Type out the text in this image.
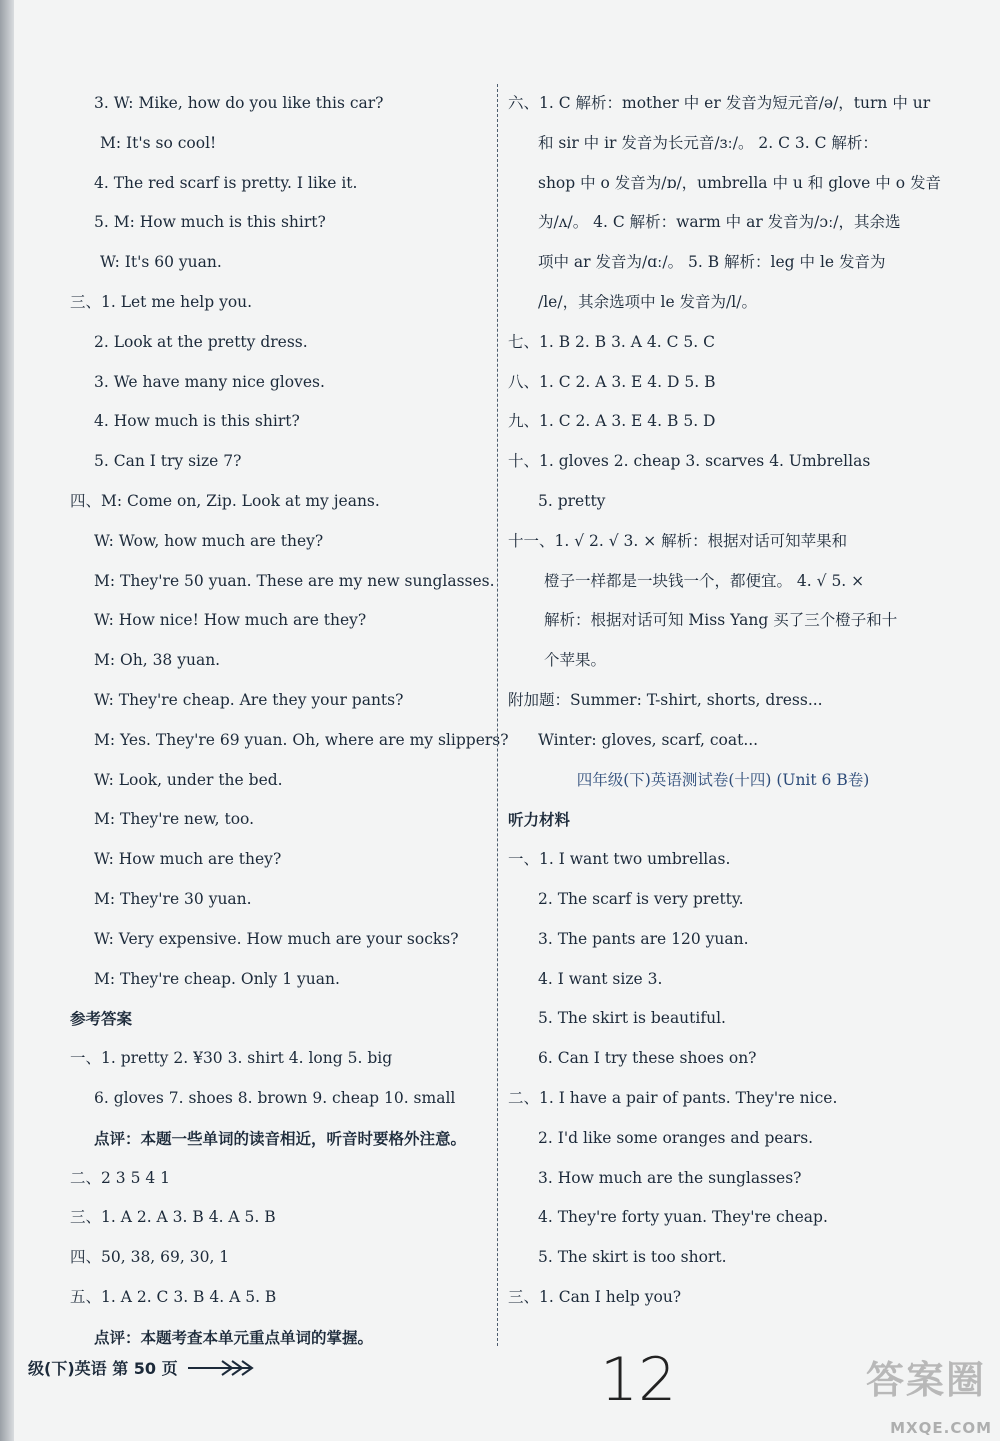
3. W: Mike, how do you like this car?
M: It's so cool!
4. The red scarf is pretty. I like it.
5. M: How much is this shirt?
W: It's 60 yuan.
三、1. Let me help you.
2. Look at the pretty dress.
3. We have many nice gloves.
4. How much is this shirt?
5. Can I try size 7?
四、M: Come on, Zip. Look at my jeans.
W: Wow, how much are they?
M: They're 50 yuan. These are my new sunglasses.
W: How nice! How much are they?
M: Oh, 38 yuan.
W: They're cheap. Are they your pants?
M: Yes. They're 69 yuan. Oh, where are my slippers?
W: Look, under the bed.
M: They're new, too.
W: How much are they?
M: They're 30 yuan.
W: Very expensive. How much are your socks?
M: They're cheap. Only 1 yuan.
参考答案
一、1. pretty 2. ¥30 3. shirt 4. long 5. big
6. gloves 7. shoes 8. brown 9. cheap 10. small
点评：本题一些单词的读音相近，听音时要格外注意。
二、2 3 5 4 1
三、1. A 2. A 3. B 4. A 5. B
四、50, 38, 69, 30, 1
五、1. A 2. C 3. B 4. A 5. B
点评：本题考查本单元重点单词的掌握。
六、1. C 解析：mother 中 er 发音为短元音/ə/，turn 中 ur
和 sir 中 ir 发音为长元音/ɜː/。 2. C 3. C 解析：
shop 中 o 发音为/ɒ/，umbrella 中 u 和 glove 中 o 发音
为/ʌ/。 4. C 解析：warm 中 ar 发音为/ɔː/，其余选
项中 ar 发音为/ɑː/。 5. B 解析：leg 中 le 发音为
/le/，其余选项中 le 发音为/l/。
七、1. B 2. B 3. A 4. C 5. C
八、1. C 2. A 3. E 4. D 5. B
九、1. C 2. A 3. E 4. B 5. D
十、1. gloves 2. cheap 3. scarves 4. Umbrellas
5. pretty
十一、1. √ 2. √ 3. × 解析：根据对话可知苹果和
橙子一样都是一块钱一个，都便宜。 4. √ 5. ×
解析：根据对话可知 Miss Yang 买了三个橙子和十
个苹果。
附加题：Summer: T-shirt, shorts, dress...
Winter: gloves, scarf, coat...
四年级(下)英语测试卷(十四) (Unit 6 B卷)
听力材料
一、1. I want two umbrellas.
2. The scarf is very pretty.
3. The pants are 120 yuan.
4. I want size 3.
5. The skirt is beautiful.
6. Can I try these shoes on?
二、1. I have a pair of pants. They're nice.
2. I'd like some oranges and pears.
3. How much are the sunglasses?
4. They're forty yuan. They're cheap.
5. The skirt is too short.
三、1. Can I help you?
级(下)英语 第 50 页	12	答案圈
MXQE.COM
